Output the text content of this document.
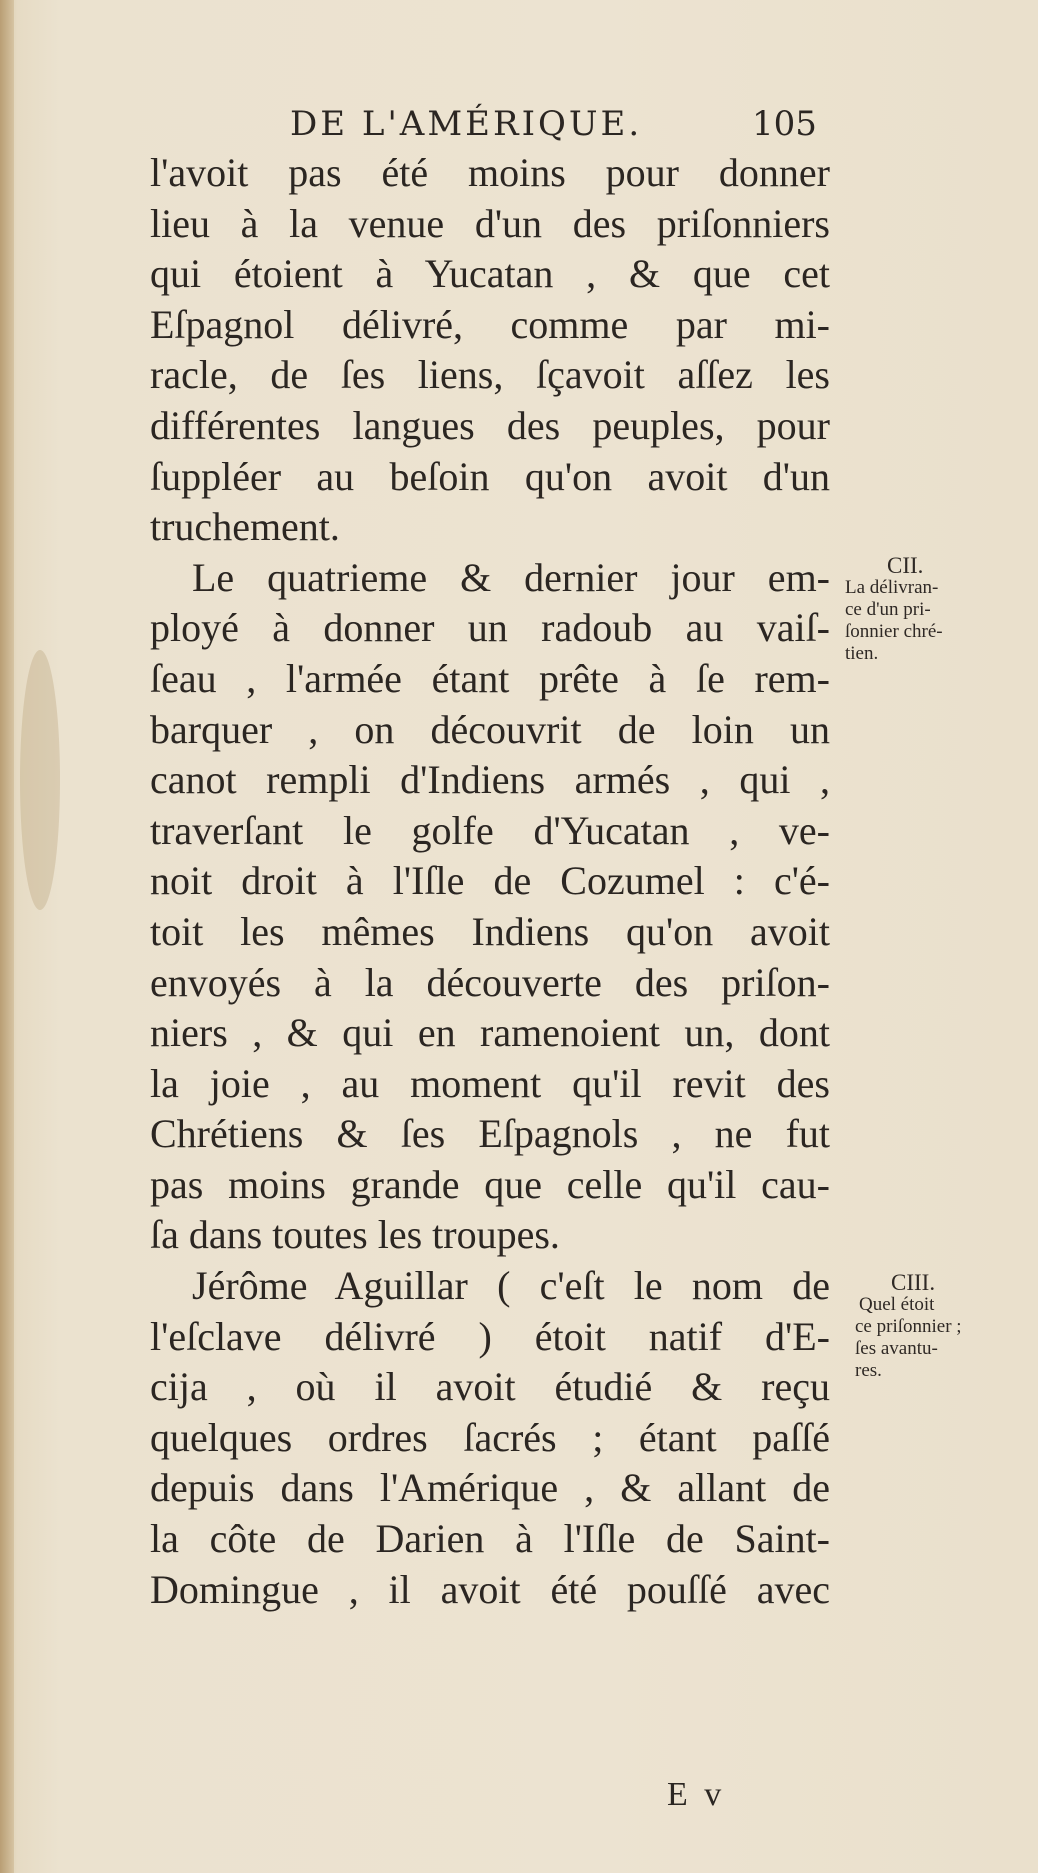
DE L'AMÉRIQUE.	105
l'avoit pas été moins pour donner
lieu à la venue d'un des priſonniers
qui étoient à Yucatan , & que cet
Eſpagnol délivré, comme par mi-
racle, de ſes liens, ſçavoit aſſez les
différentes langues des peuples, pour
ſuppléer au beſoin qu'on avoit d'un
truchement.
Le quatrieme & dernier jour em-
ployé à donner un radoub au vaiſ-
ſeau , l'armée étant prête à ſe rem-
barquer , on découvrit de loin un
canot rempli d'Indiens armés , qui ,
traverſant le golfe d'Yucatan , ve-
noit droit à l'Iſle de Cozumel : c'é-
toit les mêmes Indiens qu'on avoit
envoyés à la découverte des priſon-
niers , & qui en ramenoient un, dont
la joie , au moment qu'il revit des
Chrétiens & ſes Eſpagnols , ne fut
pas moins grande que celle qu'il cau-
ſa dans toutes les troupes.
Jérôme Aguillar ( c'eſt le nom de
l'eſclave délivré ) étoit natif d'E-
cija , où il avoit étudié & reçu
quelques ordres ſacrés ; étant paſſé
depuis dans l'Amérique , & allant de
la côte de Darien à l'Iſle de Saint-
Domingue , il avoit été pouſſé avec
CII.
La délivran-
ce d'un pri-
ſonnier chré-
tien.
CIII.
Quel étoit
ce priſonnier ;
ſes avantu-
res.
E v
